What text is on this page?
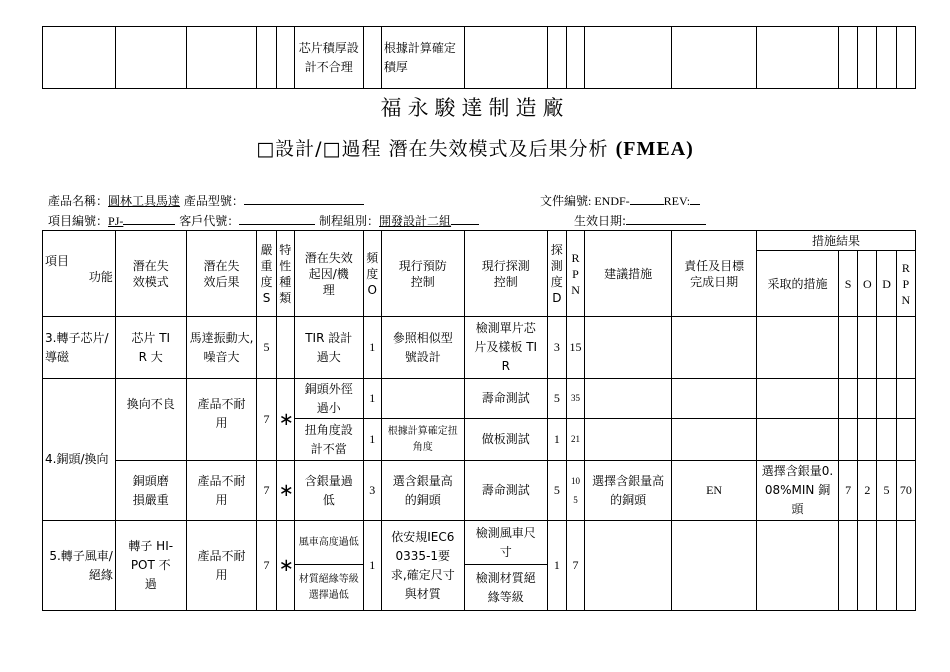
					芯片積厚設計不合理		根據計算確定積厚										
福永駿達制造廠
□設計/□過程 潛在失效模式及后果分析 (FMEA)
產品名稱：圓林工具馬達 產品型號：	文件編號: ENDF-	REV:
項目編號：PJ-	客戶代號：	制程組別：開發設計二組	生效日期:
項目
功能	潛在失效模式	潛在失效后果	嚴重度S	特性種類	潛在失效起因/機理	頻度O	現行預防控制	現行探測控制	探測度D	RPN	建議措施	責任及目標完成日期	措施結果				
													采取的措施	S	O	D	RPN
3.轉子芯片/導磁	芯片 TIR 大	馬達振動大,噪音大	5		TIR 設計過大	1	參照相似型號設計	檢測單片芯片及樣板 TIR	3	15							
4.銅頭/換向	換向不良	產品不耐用	7	∗	銅頭外徑過小	1		壽命測試	5	35							
					扭角度設計不當	1	根據計算確定扭角度	做板測試	1	21							
	銅頭磨損嚴重	產品不耐用	7	∗	含銀量過低	3	選含銀量高的銅頭	壽命測試	5	105	選擇含銀量高的銅頭	EN	選擇含銀量0.08%MIN 銅頭	7	2	5	70
5.轉子風車/絕緣	轉子 HI-POT 不過	產品不耐用	7	∗	風車高度過低	1	依安規IEC60335-1要求,確定尺寸與材質	檢測風車尺寸	1	7							
					材質絕緣等級選擇過低			檢測材質絕緣等級									
